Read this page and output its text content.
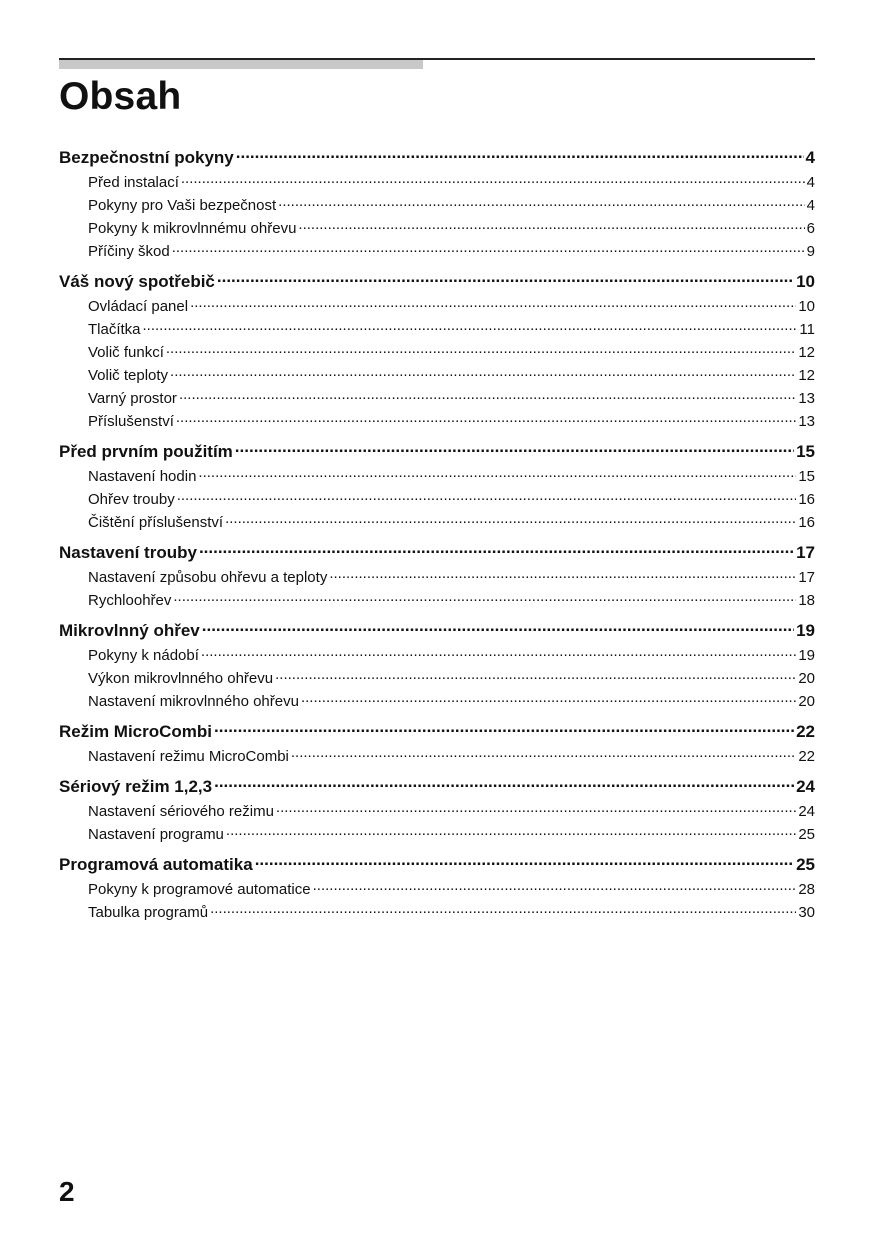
Obsah
Bezpečnostní pokyny .....	4
Před instalací .....	4
Pokyny pro Vaši bezpečnost .....	4
Pokyny k mikrovlnnému ohřevu .....	6
Příčiny škod .....	9
Váš nový spotřebič .....	10
Ovládací panel .....	10
Tlačítka .....	11
Volič funkcí .....	12
Volič teploty .....	12
Varný prostor .....	13
Příslušenství .....	13
Před prvním použitím .....	15
Nastavení hodin .....	15
Ohřev trouby .....	16
Čištění příslušenství .....	16
Nastavení trouby .....	17
Nastavení způsobu ohřevu a teploty .....	17
Rychloohřev .....	18
Mikrovlnný ohřev .....	19
Pokyny k nádobí .....	19
Výkon mikrovlnného ohřevu .....	20
Nastavení mikrovlnného ohřevu .....	20
Režim MicroCombi .....	22
Nastavení režimu MicroCombi .....	22
Sériový režim 1,2,3 .....	24
Nastavení sériového režimu .....	24
Nastavení programu .....	25
Programová automatika .....	25
Pokyny k programové automatice .....	28
Tabulka programů .....	30
2
